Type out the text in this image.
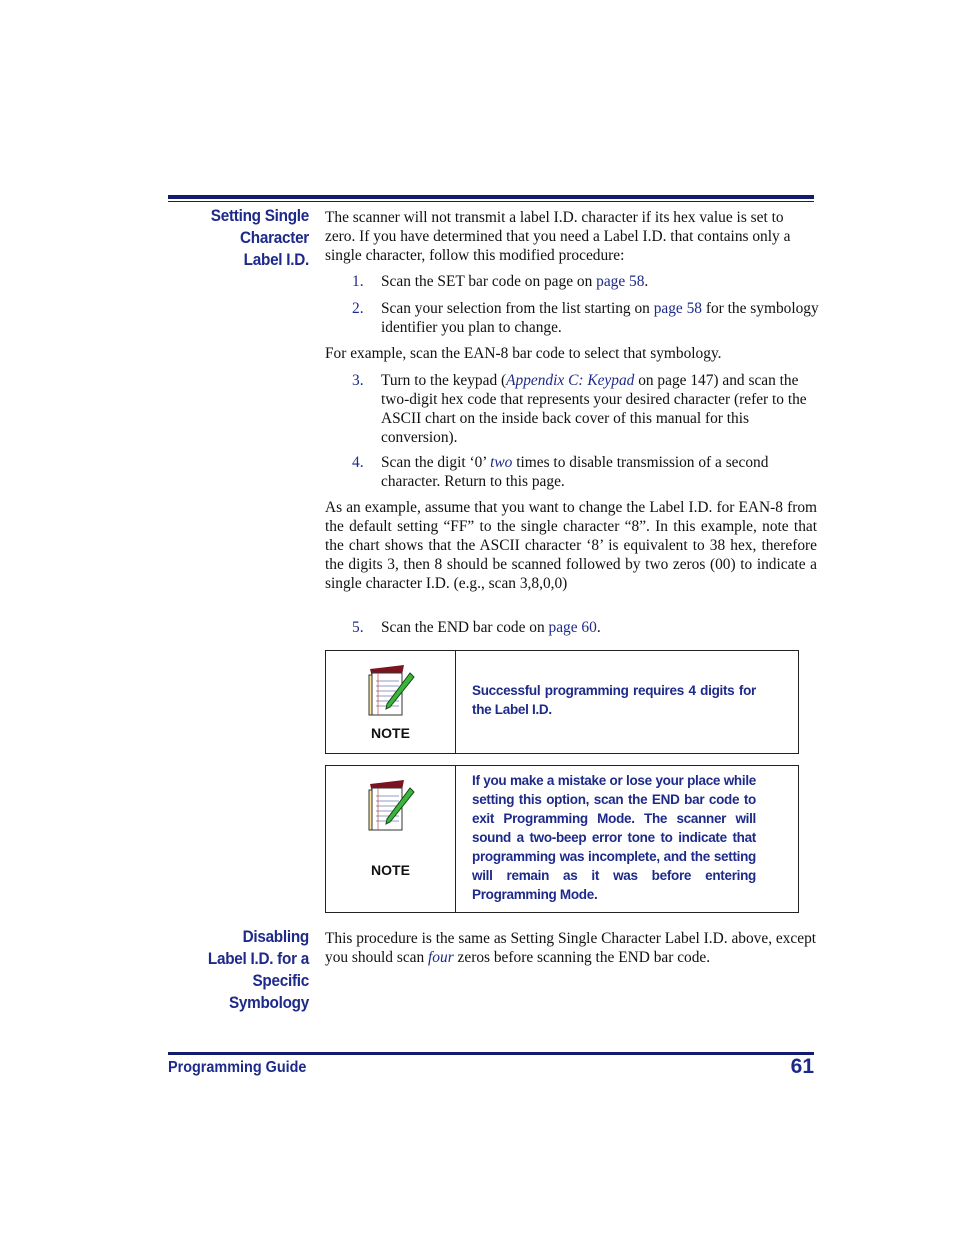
Setting Single
Character
Label I.D.
The scanner will not transmit a label I.D. character if its hex value is set to zero. If you have determined that you need a Label I.D. that contains only a single character, follow this modified procedure:
1. Scan the SET bar code on page on page 58.
2. Scan your selection from the list starting on page 58 for the symbology identifier you plan to change.
For example, scan the EAN-8 bar code to select that symbology.
3. Turn to the keypad (Appendix C: Keypad on page 147) and scan the two-digit hex code that represents your desired character (refer to the ASCII chart on the inside back cover of this manual for this conversion).
4. Scan the digit ‘0’ two times to disable transmission of a second character. Return to this page.
As an example, assume that you want to change the Label I.D. for EAN-8 from the default setting “FF” to the single character “8”. In this example, note that the chart shows that the ASCII character ‘8’ is equivalent to 38 hex, therefore the digits 3, then 8 should be scanned followed by two zeros (00) to indicate a single character I.D. (e.g., scan 3,8,0,0)
5. Scan the END bar code on page 60.
NOTE
Successful programming requires 4 digits for the Label I.D.
NOTE
If you make a mistake or lose your place while setting this option, scan the END bar code to exit Programming Mode. The scanner will sound a two-beep error tone to indicate that programming was incomplete, and the setting will remain as it was before entering Programming Mode.
Disabling
Label I.D. for a
Specific
Symbology
This procedure is the same as Setting Single Character Label I.D. above, except you should scan four zeros before scanning the END bar code.
Programming Guide	61
